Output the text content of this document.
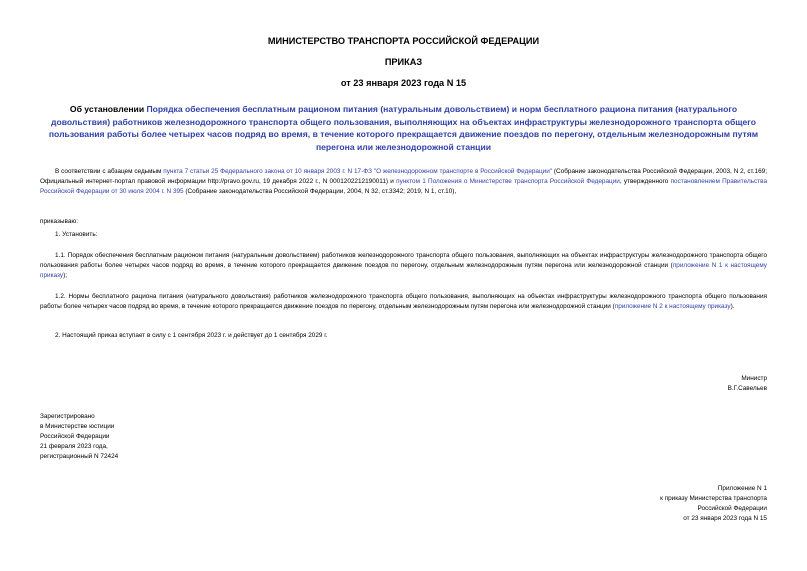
МИНИСТЕРСТВО ТРАНСПОРТА РОССИЙСКОЙ ФЕДЕРАЦИИ
ПРИКАЗ
от 23 января 2023 года N 15
Об установлении Порядка обеспечения бесплатным рационом питания (натуральным довольствием) и норм бесплатного рациона питания (натурального довольствия) работников железнодорожного транспорта общего пользования, выполняющих на объектах инфраструктуры железнодорожного транспорта общего пользования работы более четырех часов подряд во время, в течение которого прекращается движение поездов по перегону, отдельным железнодорожным путям перегона или железнодорожной станции
В соответствии с абзацем седьмым пункта 7 статьи 25 Федерального закона от 10 января 2003 г. N 17-ФЗ "О железнодорожном транспорте в Российской Федерации" (Собрание законодательства Российской Федерации, 2003, N 2, ст.169; Официальный интернет-портал правовой информации http://pravo.gov.ru, 19 декабря 2022 г., N 0001202212190011) и пунктом 1 Положения о Министерстве транспорта Российской Федерации, утвержденного постановлением Правительства Российской Федерации от 30 июля 2004 г. N 395 (Собрание законодательства Российской Федерации, 2004, N 32, ст.3342; 2019, N 1, ст.10),
приказываю:
1. Установить:
1.1. Порядок обеспечения бесплатным рационом питания (натуральным довольствием) работников железнодорожного транспорта общего пользования, выполняющих на объектах инфраструктуры железнодорожного транспорта общего пользования работы более четырех часов подряд во время, в течение которого прекращается движение поездов по перегону, отдельным железнодорожным путям перегона или железнодорожной станции (приложение N 1 к настоящему приказу);
1.2. Нормы бесплатного рациона питания (натурального довольствия) работников железнодорожного транспорта общего пользования, выполняющих на объектах инфраструктуры железнодорожного транспорта общего пользования работы более четырех часов подряд во время, в течение которого прекращается движение поездов по перегону, отдельным железнодорожным путям перегона или железнодорожной станции (приложение N 2 к настоящему приказу).
2. Настоящий приказ вступает в силу с 1 сентября 2023 г. и действует до 1 сентября 2029 г.
Министр
В.Г.Савельев
Зарегистрировано
в Министерстве юстиции
Российской Федерации
21 февраля 2023 года,
регистрационный N 72424
Приложение N 1
к приказу Министерства транспорта
Российской Федерации
от 23 января 2023 года N 15
